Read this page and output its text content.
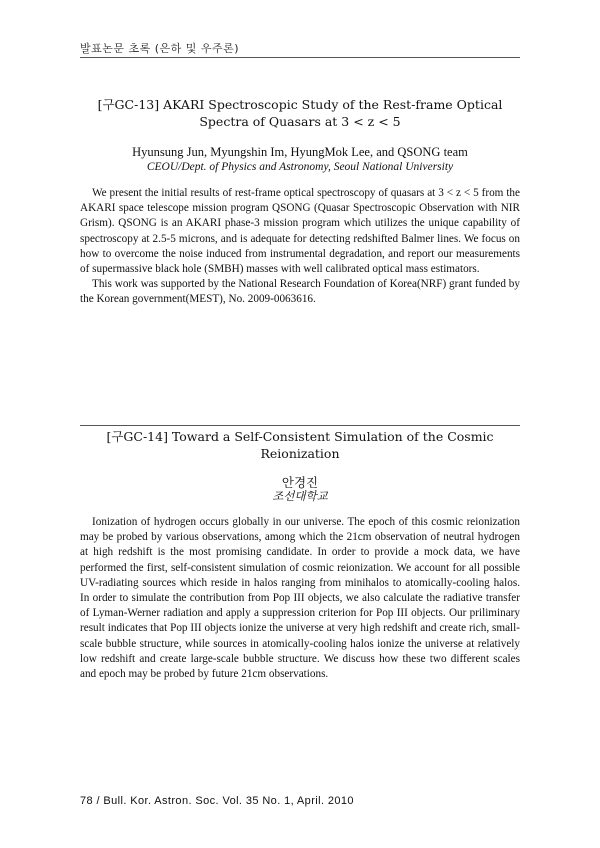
발표논문 초록 (은하 및 우주론)
[구GC-13] AKARI Spectroscopic Study of the Rest-frame Optical Spectra of Quasars at 3 < z < 5
Hyunsung Jun, Myungshin Im, HyungMok Lee, and QSONG team
CEOU/Dept. of Physics and Astronomy, Seoul National University

We present the initial results of rest-frame optical spectroscopy of quasars at 3 < z < 5 from the AKARI space telescope mission program QSONG (Quasar Spectroscopic Observation with NIR Grism). QSONG is an AKARI phase-3 mission program which utilizes the unique capability of spectroscopy at 2.5-5 microns, and is adequate for detecting redshifted Balmer lines. We focus on how to overcome the noise induced from instrumental degradation, and report our measurements of supermassive black hole (SMBH) masses with well calibrated optical mass estimators.

This work was supported by the National Research Foundation of Korea(NRF) grant funded by the Korean government(MEST), No. 2009-0063616.

[구GC-14] Toward a Self-Consistent Simulation of the Cosmic Reionization
안경진
조선대학교

Ionization of hydrogen occurs globally in our universe. The epoch of this cosmic reionization may be probed by various observations, among which the 21cm observation of neutral hydrogen at high redshift is the most promising candidate. In order to provide a mock data, we have performed the first, self-consistent simulation of cosmic reionization. We account for all possible UV-radiating sources which reside in halos ranging from minihalos to atomically-cooling halos. In order to simulate the contribution from Pop III objects, we also calculate the radiative transfer of Lyman-Werner radiation and apply a suppression criterion for Pop III objects. Our priliminary result indicates that Pop III objects ionize the universe at very high redshift and create rich, small-scale bubble structure, while sources in atomically-cooling halos ionize the universe at relatively low redshift and create large-scale bubble structure. We discuss how these two different scales and epoch may be probed by future 21cm observations.

78 / Bull. Kor. Astron. Soc. Vol. 35 No. 1, April. 2010
